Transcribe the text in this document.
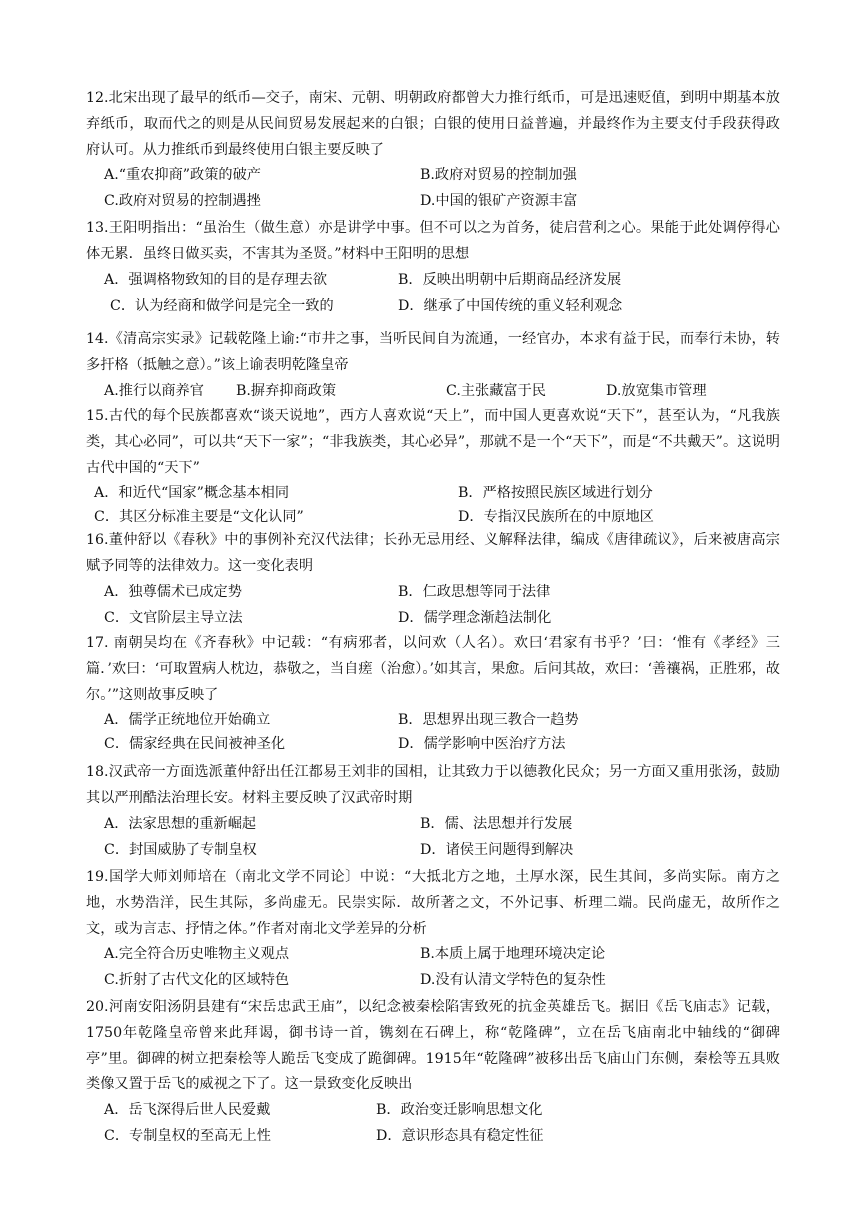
12.北宋出现了最早的纸币—交子，南宋、元朝、明朝政府都曾大力推行纸币，可是迅速贬值，到明中期基本放弃纸币，取而代之的则是从民间贸易发展起来的白银；白银的使用日益普遍，并最终作为主要支付手段获得政府认可。从力推纸币到最终使用白银主要反映了

A.“重农抑商”政策的破产	B.政府对贸易的控制加强
C.政府对贸易的控制遇挫	D.中国的银矿产资源丰富

13.王阳明指出：“虽治生（做生意）亦是讲学中事。但不可以之为首务，徒启营利之心。果能于此处调停得心体无累．虽终日做买卖，不害其为圣贤。”材料中王阳明的思想

A．强调格物致知的目的是存理去欲	B．反映出明朝中后期商品经济发展
C．认为经商和做学问是完全一致的	D．继承了中国传统的重义轻利观念

14.《清高宗实录》记载乾隆上谕:“市井之事，当听民间自为流通，一经官办，本求有益于民，而奉行未协，转多扞格（抵触之意）。”该上谕表明乾隆皇帝

A.推行以商养官 B.摒弃抑商政策	C.主张藏富于民	D.放宽集市管理

15.古代的每个民族都喜欢“谈天说地”，西方人喜欢说“天上”，而中国人更喜欢说“天下”，甚至认为，“凡我族类，其心必同”，可以共“天下一家”；“非我族类，其心必异”，那就不是一个“天下”，而是“不共戴天”。这说明古代中国的“天下”

A．和近代“国家”概念基本相同	B．严格按照民族区域进行划分
C．其区分标准主要是“文化认同”	D．专指汉民族所在的中原地区

16.董仲舒以《春秋》中的事例补充汉代法律；长孙无忌用经、义解释法律，编成《唐律疏议》，后来被唐高宗赋予同等的法律效力。这一变化表明

A．独尊儒术已成定势	B．仁政思想等同于法律
C．文官阶层主导立法	D．儒学理念渐趋法制化

17. 南朝吴均在《齐春秋》中记载：“有病邪者，以问欢（人名）。欢曰‘君家有书乎？’曰：‘惟有《孝经》三篇．’欢曰：‘可取置病人枕边，恭敬之，当自瘥（治愈）。’如其言，果愈。后问其故，欢曰：‘善禳祸，正胜邪，故尔。’”这则故事反映了

A．儒学正统地位开始确立	B．思想界出现三教合一趋势
C．儒家经典在民间被神圣化	D．儒学影响中医治疗方法

18.汉武帝一方面选派董仲舒出任江都易王刘非的国相，让其致力于以德教化民众；另一方面又重用张汤，鼓励其以严刑酷法治理长安。材料主要反映了汉武帝时期

A．法家思想的重新崛起	B．儒、法思想并行发展
C．封国威胁了专制皇权	D．诸侯王问题得到解决

19.国学大师刘师培在（南北文学不同论〕中说：“大抵北方之地，土厚水深，民生其间，多尚实际。南方之地，水势浩洋，民生其际，多尚虚无。民崇实际．故所著之文，不外记事、析理二端。民尚虚无，故所作之文，或为言志、抒情之体。”作者对南北文学差异的分析

A.完全符合历史唯物主义观点	B.本质上属于地理环境决定论
C.折射了古代文化的区域特色	D.没有认清文学特色的复杂性

20.河南安阳汤阴县建有“宋岳忠武王庙”，以纪念被秦桧陷害致死的抗金英雄岳飞。据旧《岳飞庙志》记载，1750年乾隆皇帝曾来此拜谒，御书诗一首，镌刻在石碑上，称“乾隆碑”，立在岳飞庙南北中轴线的“御碑亭”里。御碑的树立把秦桧等人跪岳飞变成了跪御碑。1915年“乾隆碑”被移出岳飞庙山门东侧，秦桧等五具败类像又置于岳飞的威视之下了。这一景致变化反映出

A．岳飞深得后世人民爱戴	B．政治变迁影响思想文化
C．专制皇权的至高无上性	D．意识形态具有稳定性征
